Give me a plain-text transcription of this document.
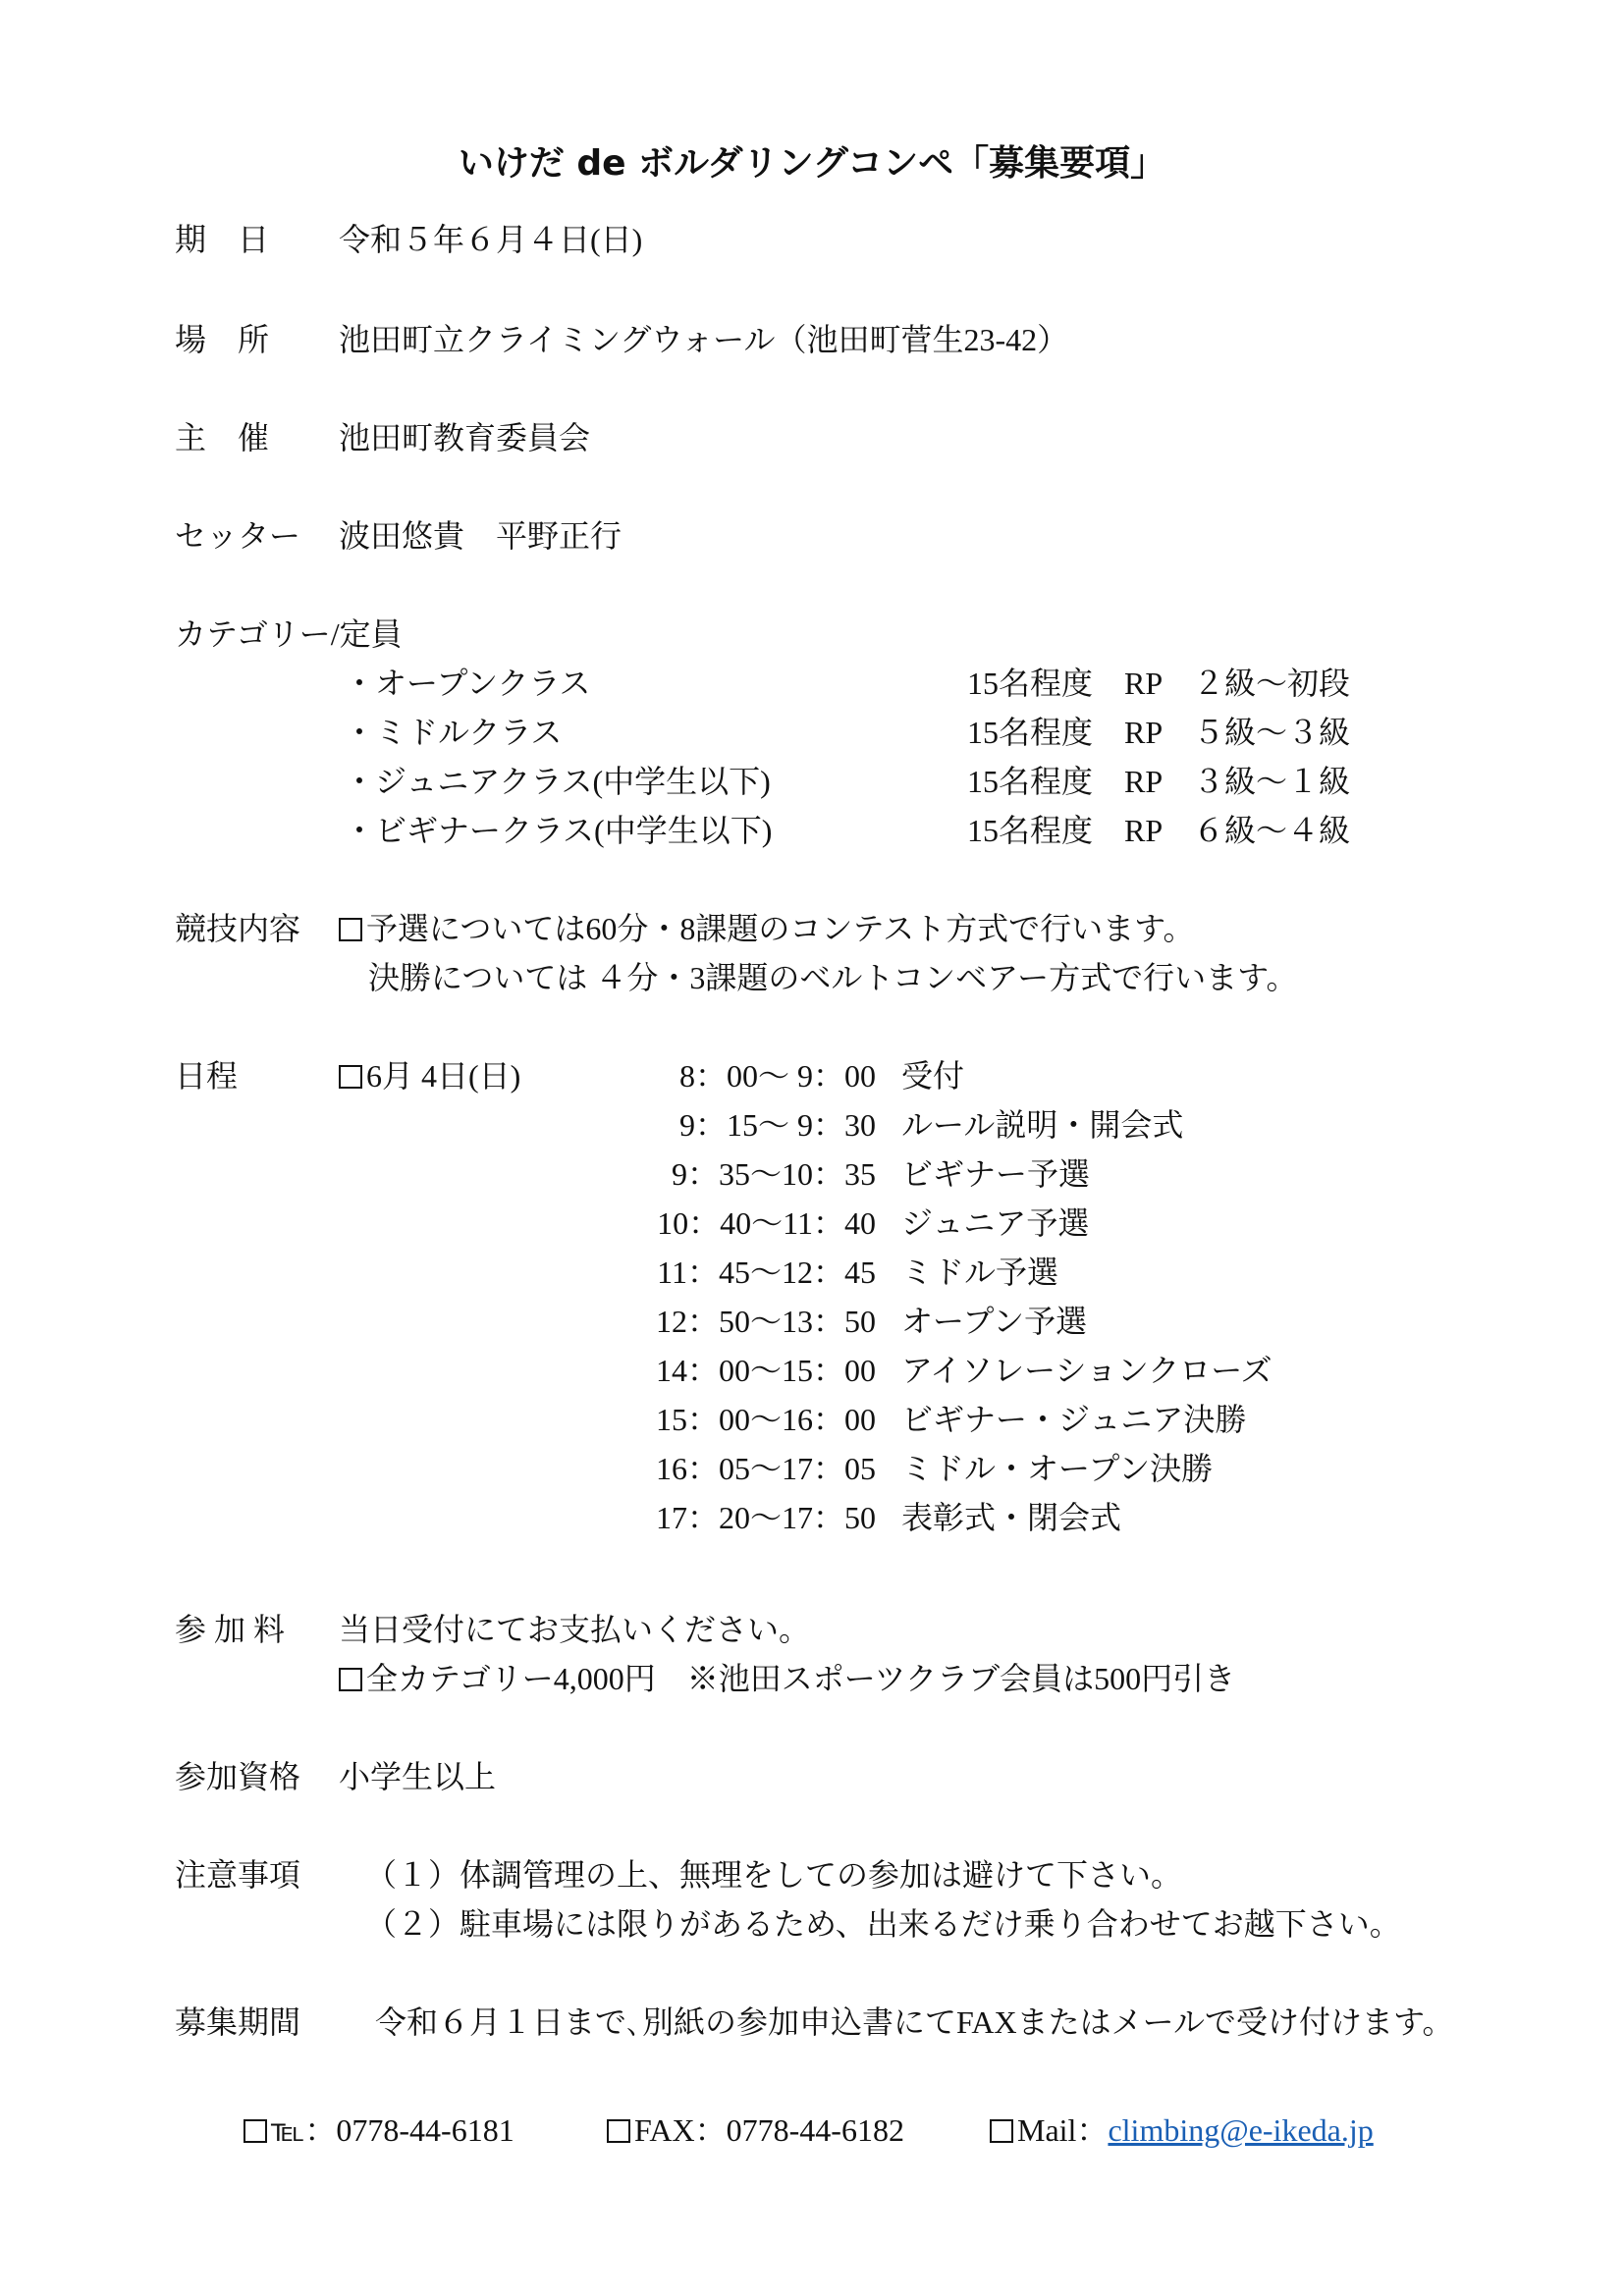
いけだ de ボルダリングコンペ「募集要項」
期　日 令和５年６月４日(日)
場　所 池田町立クライミングウォール（池田町菅生23-42）
主　催 池田町教育委員会
セッター 波田悠貴　平野正行
カテゴリー/定員
・オープンクラス	15名程度　RP　２級～初段
・ミドルクラス	15名程度　RP　５級～３級
・ジュニアクラス(中学生以下)	15名程度　RP　３級～１級
・ビギナークラス(中学生以下)	15名程度　RP　６級～４級
競技内容	予選については60分・8課題のコンテスト方式で行います。
決勝については ４分・3課題のベルトコンベアー方式で行います。
日程	6月 4日(日)	8：00～ 9：00 受付
9：15～ 9：30 ルール説明・開会式
9：35～10：35 ビギナー予選
10：40～11：40 ジュニア予選
11：45～12：45 ミドル予選
12：50～13：50 オープン予選
14：00～15：00 アイソレーションクローズ
15：00～16：00 ビギナー・ジュニア決勝
16：05～17：05 ミドル・オープン決勝
17：20～17：50 表彰式・閉会式
参 加 料 当日受付にてお支払いください。
全カテゴリー4,000円　※池田スポーツクラブ会員は500円引き
参加資格 小学生以上
注意事項 （１）体調管理の上、無理をしての参加は避けて下さい。
（２）駐車場には限りがあるため、出来るだけ乗り合わせてお越下さい。
募集期間 令和６月１日まで､別紙の参加申込書にてFAXまたはメールで受け付けます。
℡：0778-44-6181	FAX：0778-44-6182	Mail：climbing@e-ikeda.jp
